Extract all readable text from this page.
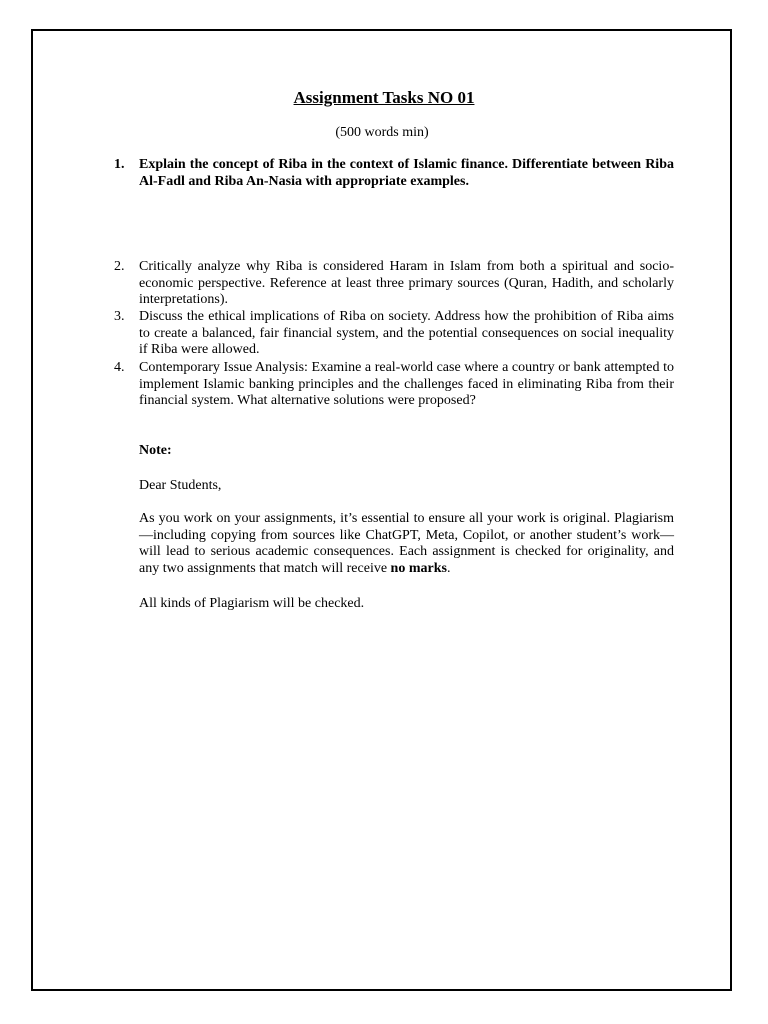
Assignment Tasks NO 01
(500 words min)
1.	Explain the concept of Riba in the context of Islamic finance. Differentiate between Riba Al-Fadl and Riba An-Nasia with appropriate examples.
2.	Critically analyze why Riba is considered Haram in Islam from both a spiritual and socio-economic perspective. Reference at least three primary sources (Quran, Hadith, and scholarly interpretations).
3.	Discuss the ethical implications of Riba on society. Address how the prohibition of Riba aims to create a balanced, fair financial system, and the potential consequences on social inequality if Riba were allowed.
4.	Contemporary Issue Analysis: Examine a real-world case where a country or bank attempted to implement Islamic banking principles and the challenges faced in eliminating Riba from their financial system. What alternative solutions were proposed?
Note:
Dear Students,
As you work on your assignments, it’s essential to ensure all your work is original. Plagiarism—including copying from sources like ChatGPT, Meta, Copilot, or another student’s work—will lead to serious academic consequences. Each assignment is checked for originality, and any two assignments that match will receive no marks.
All kinds of Plagiarism will be checked.
